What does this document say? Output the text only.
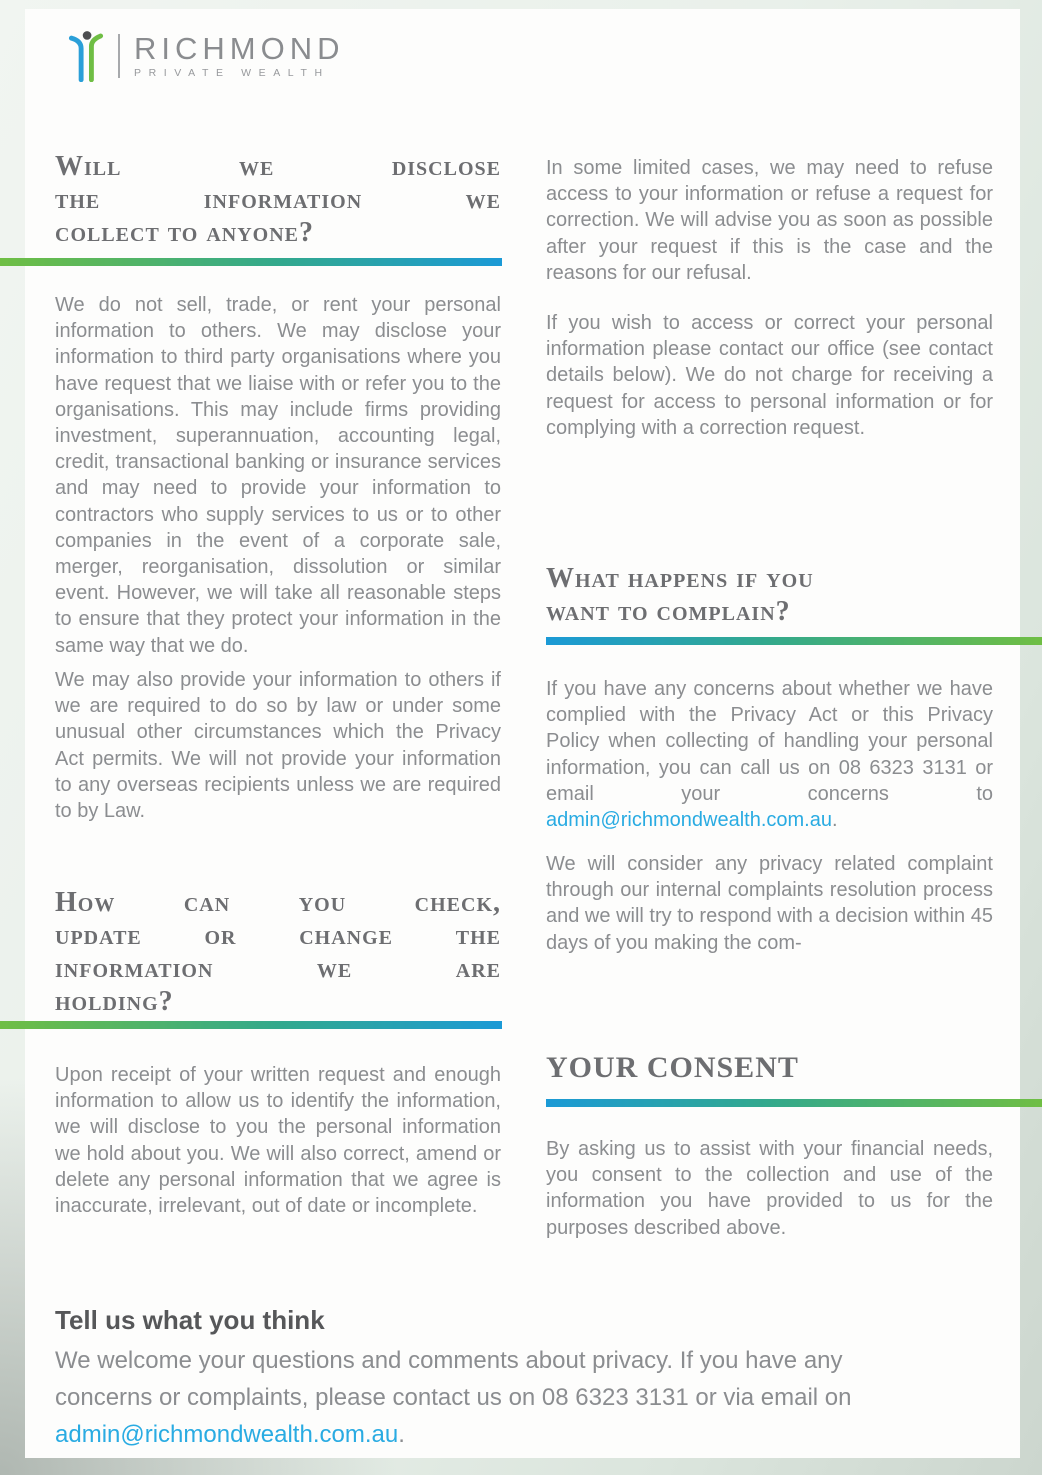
RICHMOND
PRIVATE WEALTH
Will we disclose
the information we
collect to anyone?

We do not sell, trade, or rent your personal information to others. We may disclose your information to third party organisations where you have request that we liaise with or refer you to the organisations. This may include firms providing investment, superannuation, accounting legal, credit, transactional banking or insurance services and may need to provide your information to contractors who supply services to us or to other companies in the event of a corporate sale, merger, reorganisation, dissolution or similar event. However, we will take all reasonable steps to ensure that they protect your information in the same way that we do.

We may also provide your information to others if we are required to do so by law or under some unusual other circumstances which the Privacy Act permits. We will not provide your information to any overseas recipients unless we are required to by Law.

How can you check,
update or change the
information we are
holding?

Upon receipt of your written request and enough information to allow us to identify the information, we will disclose to you the personal information we hold about you. We will also correct, amend or delete any personal information that we agree is inaccurate, irrelevant, out of date or incomplete.

In some limited cases, we may need to refuse access to your information or refuse a request for correction. We will advise you as soon as possible after your request if this is the case and the reasons for our refusal.

If you wish to access or correct your personal information please contact our office (see contact details below). We do not charge for receiving a request for access to personal information or for complying with a correction request.

What happens if you
want to complain?

If you have any concerns about whether we have complied with the Privacy Act or this Privacy Policy when collecting of handling your personal information, you can call us on 08 6323 3131 or email your concerns to admin@richmondwealth.com.au.

We will consider any privacy related complaint through our internal complaints resolution process and we will try to respond with a decision within 45 days of you making the com-

YOUR CONSENT

By asking us to assist with your financial needs, you consent to the collection and use of the information you have provided to us for the purposes described above.

Tell us what you think

We welcome your questions and comments about privacy. If you have any concerns or complaints, please contact us on 08 6323 3131 or via email on admin@richmondwealth.com.au.
